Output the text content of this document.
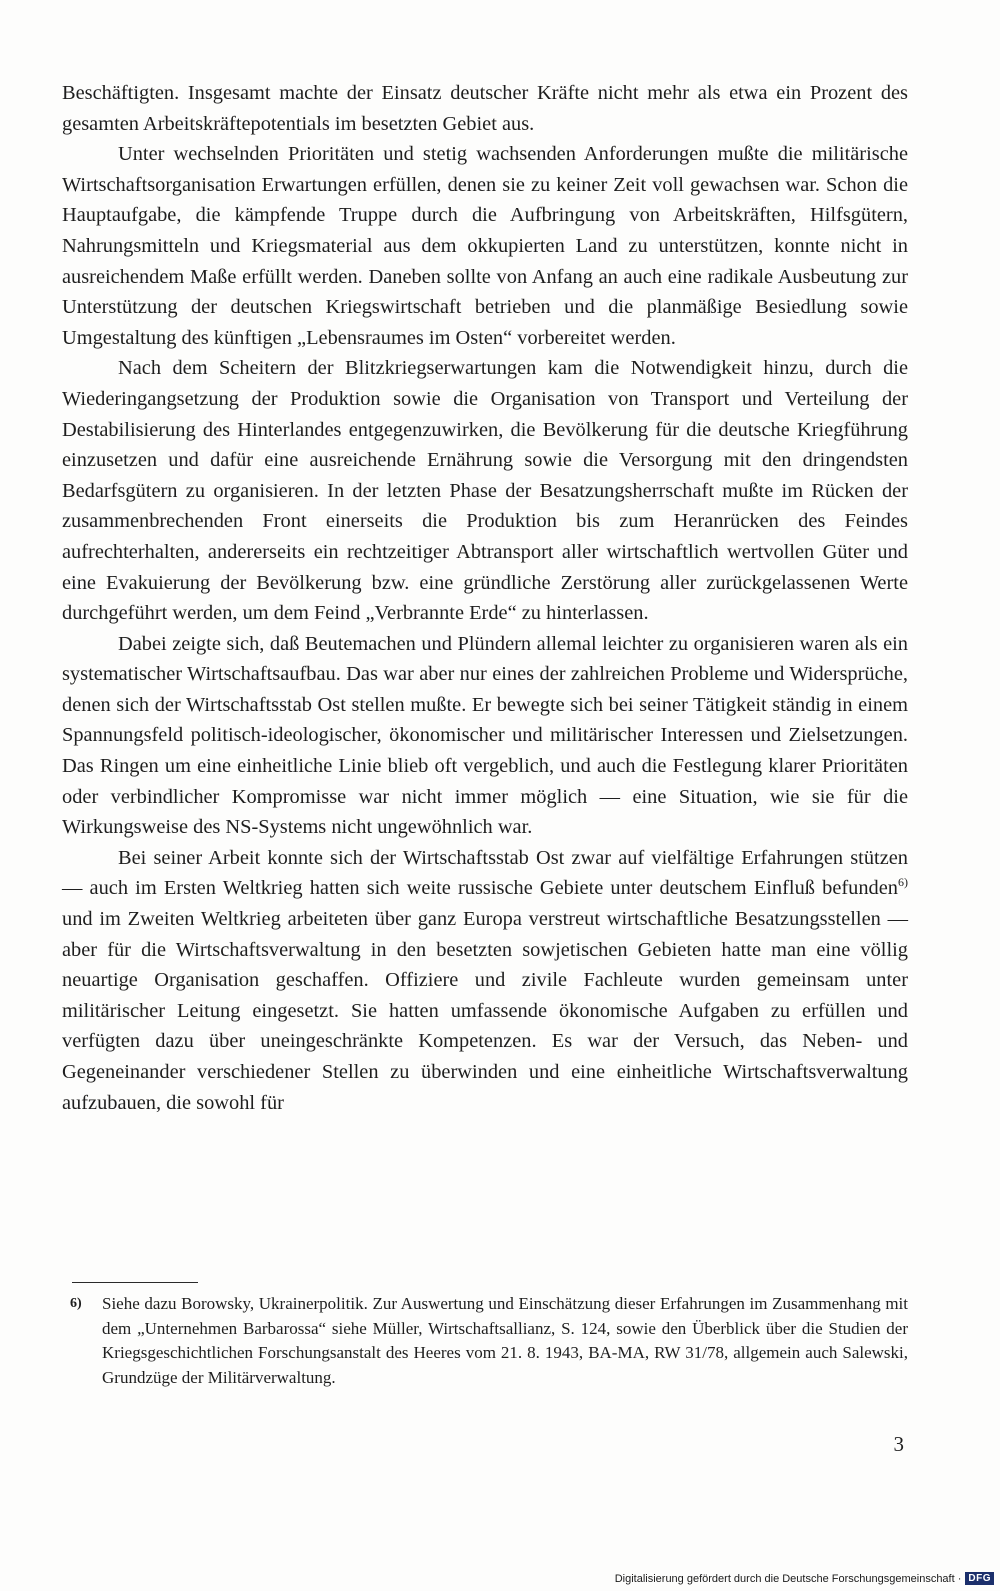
Beschäftigten. Insgesamt machte der Einsatz deutscher Kräfte nicht mehr als etwa ein Prozent des gesamten Arbeitskräftepotentials im besetzten Gebiet aus.

Unter wechselnden Prioritäten und stetig wachsenden Anforderungen mußte die militärische Wirtschaftsorganisation Erwartungen erfüllen, denen sie zu keiner Zeit voll gewachsen war. Schon die Hauptaufgabe, die kämpfende Truppe durch die Aufbringung von Arbeitskräften, Hilfsgütern, Nahrungsmitteln und Kriegsmaterial aus dem okkupierten Land zu unterstützen, konnte nicht in ausreichendem Maße erfüllt werden. Daneben sollte von Anfang an auch eine radikale Ausbeutung zur Unterstützung der deutschen Kriegswirtschaft betrieben und die planmäßige Besiedlung sowie Umgestaltung des künftigen „Lebensraumes im Osten“ vorbereitet werden.

Nach dem Scheitern der Blitzkriegserwartungen kam die Notwendigkeit hinzu, durch die Wiederingangsetzung der Produktion sowie die Organisation von Transport und Verteilung der Destabilisierung des Hinterlandes entgegenzuwirken, die Bevölkerung für die deutsche Kriegführung einzusetzen und dafür eine ausreichende Ernährung sowie die Versorgung mit den dringendsten Bedarfsgütern zu organisieren. In der letzten Phase der Besatzungsherrschaft mußte im Rücken der zusammenbrechenden Front einerseits die Produktion bis zum Heranrücken des Feindes aufrechterhalten, andererseits ein rechtzeitiger Abtransport aller wirtschaftlich wertvollen Güter und eine Evakuierung der Bevölkerung bzw. eine gründliche Zerstörung aller zurückgelassenen Werte durchgeführt werden, um dem Feind „Verbrannte Erde“ zu hinterlassen.

Dabei zeigte sich, daß Beutemachen und Plündern allemal leichter zu organisieren waren als ein systematischer Wirtschaftsaufbau. Das war aber nur eines der zahlreichen Probleme und Widersprüche, denen sich der Wirtschaftsstab Ost stellen mußte. Er bewegte sich bei seiner Tätigkeit ständig in einem Spannungsfeld politisch-ideologischer, ökonomischer und militärischer Interessen und Zielsetzungen. Das Ringen um eine einheitliche Linie blieb oft vergeblich, und auch die Festlegung klarer Prioritäten oder verbindlicher Kompromisse war nicht immer möglich — eine Situation, wie sie für die Wirkungsweise des NS-Systems nicht ungewöhnlich war.

Bei seiner Arbeit konnte sich der Wirtschaftsstab Ost zwar auf vielfältige Erfahrungen stützen — auch im Ersten Weltkrieg hatten sich weite russische Gebiete unter deutschem Einfluß befunden$^{6)}$ und im Zweiten Weltkrieg arbeiteten über ganz Europa verstreut wirtschaftliche Besatzungsstellen — aber für die Wirtschaftsverwaltung in den besetzten sowjetischen Gebieten hatte man eine völlig neuartige Organisation geschaffen. Offiziere und zivile Fachleute wurden gemeinsam unter militärischer Leitung eingesetzt. Sie hatten umfassende ökonomische Aufgaben zu erfüllen und verfügten dazu über uneingeschränkte Kompetenzen. Es war der Versuch, das Neben- und Gegeneinander verschiedener Stellen zu überwinden und eine einheitliche Wirtschaftsverwaltung aufzubauen, die sowohl für

6) Siehe dazu Borowsky, Ukrainerpolitik. Zur Auswertung und Einschätzung dieser Erfahrungen im Zusammenhang mit dem „Unternehmen Barbarossa“ siehe Müller, Wirtschaftsallianz, S. 124, sowie den Überblick über die Studien der Kriegsgeschichtlichen Forschungsanstalt des Heeres vom 21. 8. 1943, BA-MA, RW 31/78, allgemein auch Salewski, Grundzüge der Militärverwaltung.
3
Digitalisierung gefördert durch die Deutsche Forschungsgemeinschaft · DFG
